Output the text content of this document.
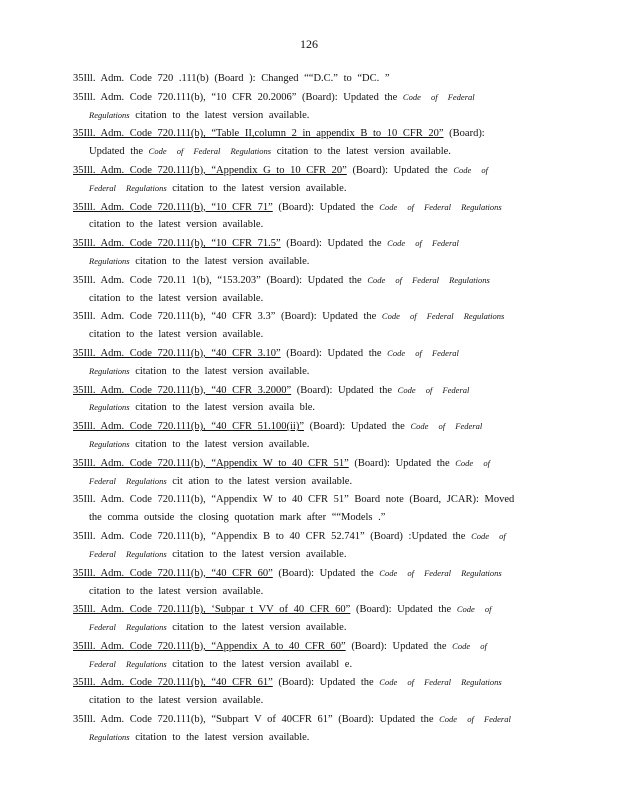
126
35Ill. Adm. Code 720 .111(b) (Board ): Changed ““D.C.” to “DC. ”
35Ill. Adm. Code 720.111(b), “10 CFR 20.2006” (Board): Updated the Code of Federal
Regulations citation to the latest version available.
35Ill. Adm. Code 720.111(b), “Table II,column 2 in appendix B to 10 CFR 20” (Board):
Updated the Code of Federal Regulations citation to the latest version available.
35Ill. Adm. Code 720.111(b), “Appendix G to 10 CFR 20” (Board): Updated the Code of
Federal Regulations citation to the latest version available.
35Ill. Adm. Code 720.111(b), “10 CFR 71” (Board): Updated the Code of Federal Regulations
citation to the latest version available.
35Ill. Adm. Code 720.111(b), “10 CFR 71.5” (Board): Updated the Code of Federal
Regulations citation to the latest version available.
35Ill. Adm. Code 720.11 1(b), “153.203” (Board): Updated the Code of Federal Regulations
citation to the latest version available.
35Ill. Adm. Code 720.111(b), “40 CFR 3.3” (Board): Updated the Code of Federal Regulations
citation to the latest version available.
35Ill. Adm. Code 720.111(b), “40 CFR 3.10” (Board): Updated the Code of Federal
Regulations citation to the latest version available.
35Ill. Adm. Code 720.111(b), “40 CFR 3.2000” (Board): Updated the Code of Federal
Regulations citation to the latest version availa ble.
35Ill. Adm. Code 720.111(b), “40 CFR 51.100(ii)” (Board): Updated the Code of Federal
Regulations citation to the latest version available.
35Ill. Adm. Code 720.111(b), “Appendix W to 40 CFR 51” (Board): Updated the Code of
Federal Regulations cit ation to the latest version available.
35Ill. Adm. Code 720.111(b), “Appendix W to 40 CFR 51” Board note (Board, JCAR): Moved
the comma outside the closing quotation mark after ““Models .”
35Ill. Adm. Code 720.111(b), “Appendix B to 40 CFR 52.741” (Board) :Updated the Code of
Federal Regulations citation to the latest version available.
35Ill. Adm. Code 720.111(b), “40 CFR 60” (Board): Updated the Code of Federal Regulations
citation to the latest version available.
35Ill. Adm. Code 720.111(b), ‘Subpar t VV of 40 CFR 60” (Board): Updated the Code of
Federal Regulations citation to the latest version available.
35Ill. Adm. Code 720.111(b), “Appendix A to 40 CFR 60” (Board): Updated the Code of
Federal Regulations citation to the latest version availabl e.
35Ill. Adm. Code 720.111(b), “40 CFR 61” (Board): Updated the Code of Federal Regulations
citation to the latest version available.
35Ill. Adm. Code 720.111(b), “Subpart V of 40CFR 61” (Board): Updated the Code of Federal
Regulations citation to the latest version available.
